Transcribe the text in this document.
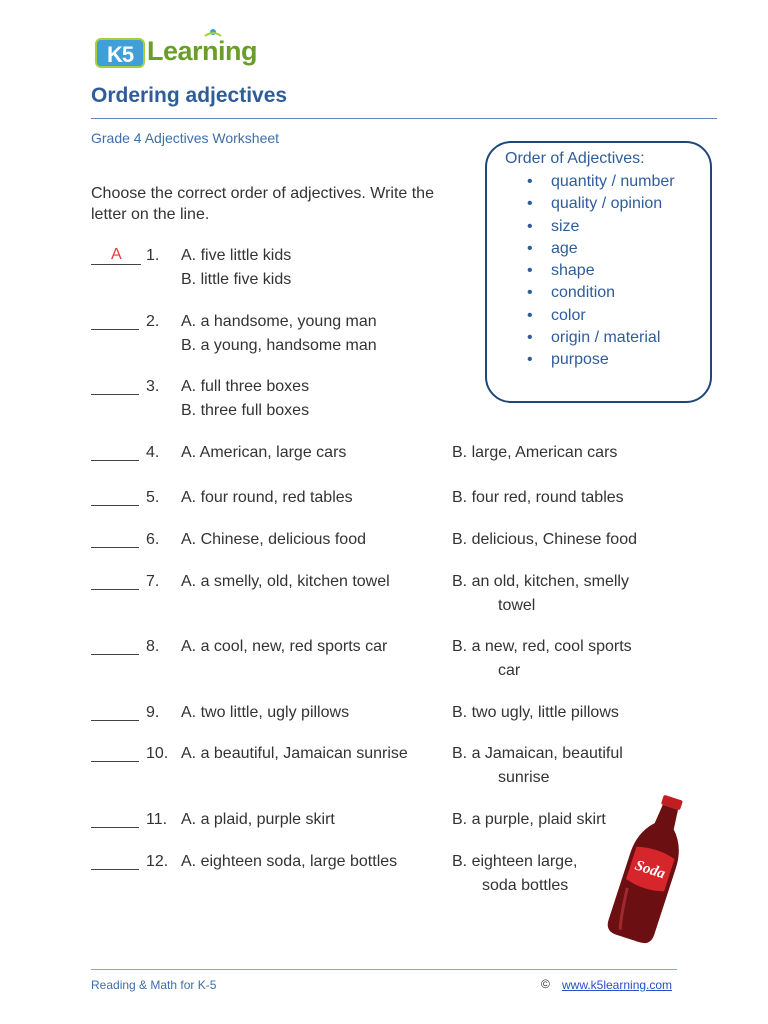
K5 Learning
Ordering adjectives
Grade 4 Adjectives Worksheet
Order of Adjectives:
• quantity / number
• quality / opinion
• size
• age
• shape
• condition
• color
• origin / material
• purpose
Choose the correct order of adjectives. Write the letter on the line.
A 1. A. five little kids
B. little five kids
2. A. a handsome, young man
B. a young, handsome man
3. A. full three boxes
B. three full boxes
4. A. American, large cars	B. large, American cars
5. A. four round, red tables	B. four red, round tables
6. A. Chinese, delicious food	B. delicious, Chinese food
7. A. a smelly, old, kitchen towel	B. an old, kitchen, smelly
towel
8. A. a cool, new, red sports car	B. a new, red, cool sports
car
9. A. two little, ugly pillows	B. two ugly, little pillows
10. A. a beautiful, Jamaican sunrise	B. a Jamaican, beautiful
sunrise
11. A. a plaid, purple skirt	B. a purple, plaid skirt
12. A. eighteen soda, large bottles	B. eighteen large,
soda bottles
Soda
Reading & Math for K-5	© www.k5learning.com
